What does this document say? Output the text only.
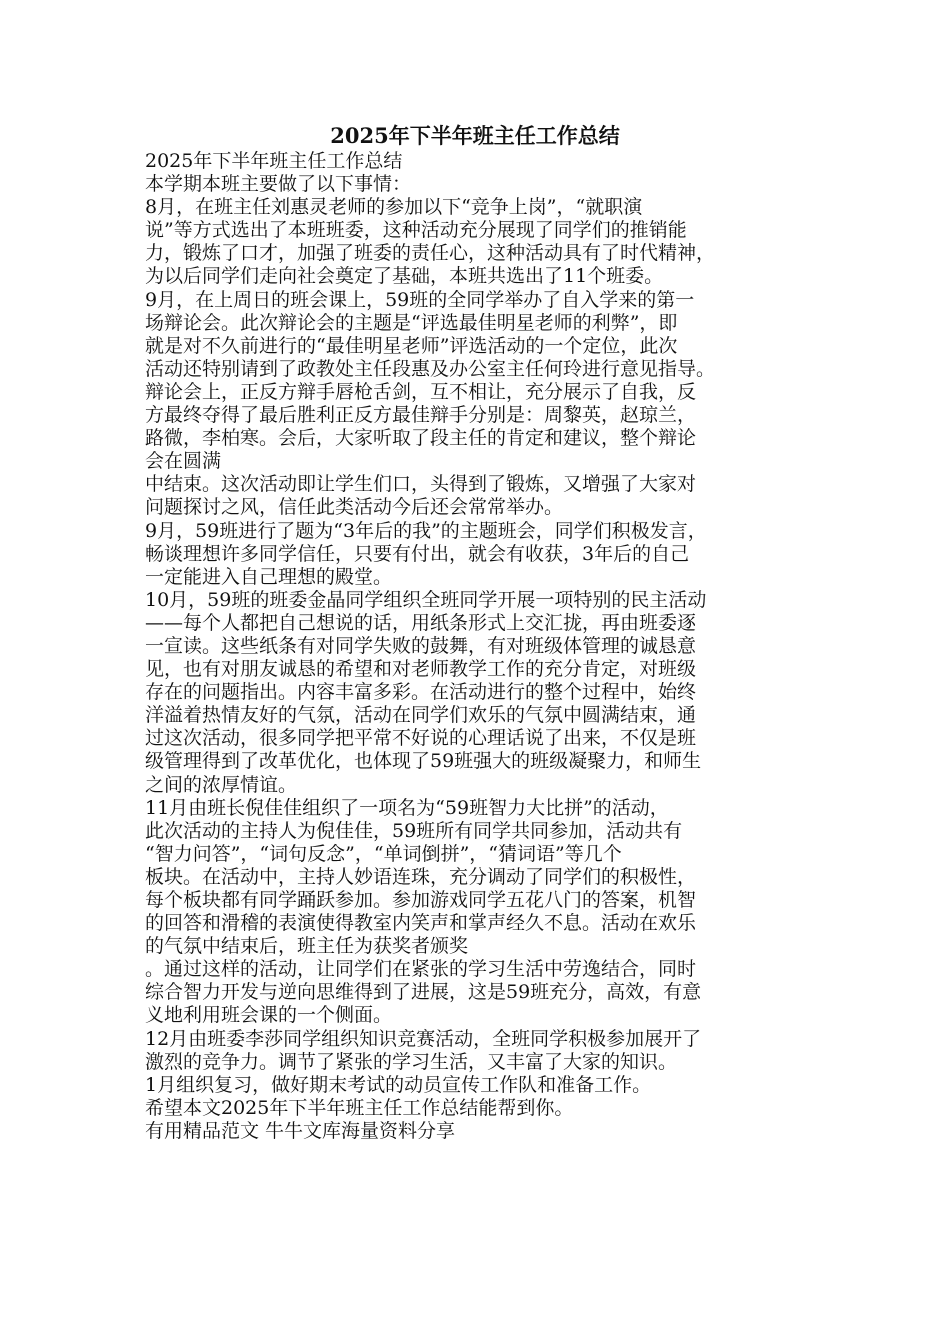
2025年下半年班主任工作总结
2025年下半年班主任工作总结
本学期本班主要做了以下事情：
8月，在班主任刘惠灵老师的参加以下“竞争上岗”，“就职演
说”等方式选出了本班班委，这种活动充分展现了同学们的推销能
力，锻炼了口才，加强了班委的责任心，这种活动具有了时代精神，
为以后同学们走向社会奠定了基础，本班共选出了11个班委。
9月，在上周日的班会课上，59班的全同学举办了自入学来的第一
场辩论会。此次辩论会的主题是“评选最佳明星老师的利弊”，即
就是对不久前进行的“最佳明星老师”评选活动的一个定位，此次
活动还特别请到了政教处主任段惠及办公室主任何玲进行意见指导。
辩论会上，正反方辩手唇枪舌剑，互不相让，充分展示了自我，反
方最终夺得了最后胜利正反方最佳辩手分别是：周黎英，赵琼兰，
路微，李柏寒。会后，大家听取了段主任的肯定和建议，整个辩论
会在圆满
中结束。这次活动即让学生们口，头得到了锻炼，又增强了大家对
问题探讨之风，信任此类活动今后还会常常举办。
9月，59班进行了题为“3年后的我”的主题班会，同学们积极发言，
畅谈理想许多同学信任，只要有付出，就会有收获，3年后的自己
一定能进入自己理想的殿堂。
10月，59班的班委金晶同学组织全班同学开展一项特别的民主活动
——每个人都把自己想说的话，用纸条形式上交汇拢，再由班委逐
一宣读。这些纸条有对同学失败的鼓舞，有对班级体管理的诚恳意
见，也有对朋友诚恳的希望和对老师教学工作的充分肯定，对班级
存在的问题指出。内容丰富多彩。在活动进行的整个过程中，始终
洋溢着热情友好的气氛，活动在同学们欢乐的气氛中圆满结束，通
过这次活动，很多同学把平常不好说的心理话说了出来，不仅是班
级管理得到了改革优化，也体现了59班强大的班级凝聚力，和师生
之间的浓厚情谊。
11月由班长倪佳佳组织了一项名为“59班智力大比拼”的活动，
此次活动的主持人为倪佳佳，59班所有同学共同参加，活动共有
“智力问答”，“词句反念”，“单词倒拼”，“猜词语”等几个
板块。在活动中，主持人妙语连珠，充分调动了同学们的积极性，
每个板块都有同学踊跃参加。参加游戏同学五花八门的答案，机智
的回答和滑稽的表演使得教室内笑声和掌声经久不息。活动在欢乐
的气氛中结束后，班主任为获奖者颁奖
。通过这样的活动，让同学们在紧张的学习生活中劳逸结合，同时
综合智力开发与逆向思维得到了进展，这是59班充分，高效，有意
义地利用班会课的一个侧面。
12月由班委李莎同学组织知识竞赛活动，全班同学积极参加展开了
激烈的竞争力。调节了紧张的学习生活，又丰富了大家的知识。
1月组织复习，做好期末考试的动员宣传工作队和准备工作。
希望本文2025年下半年班主任工作总结能帮到你。
有用精品范文 牛牛文库海量资料分享
